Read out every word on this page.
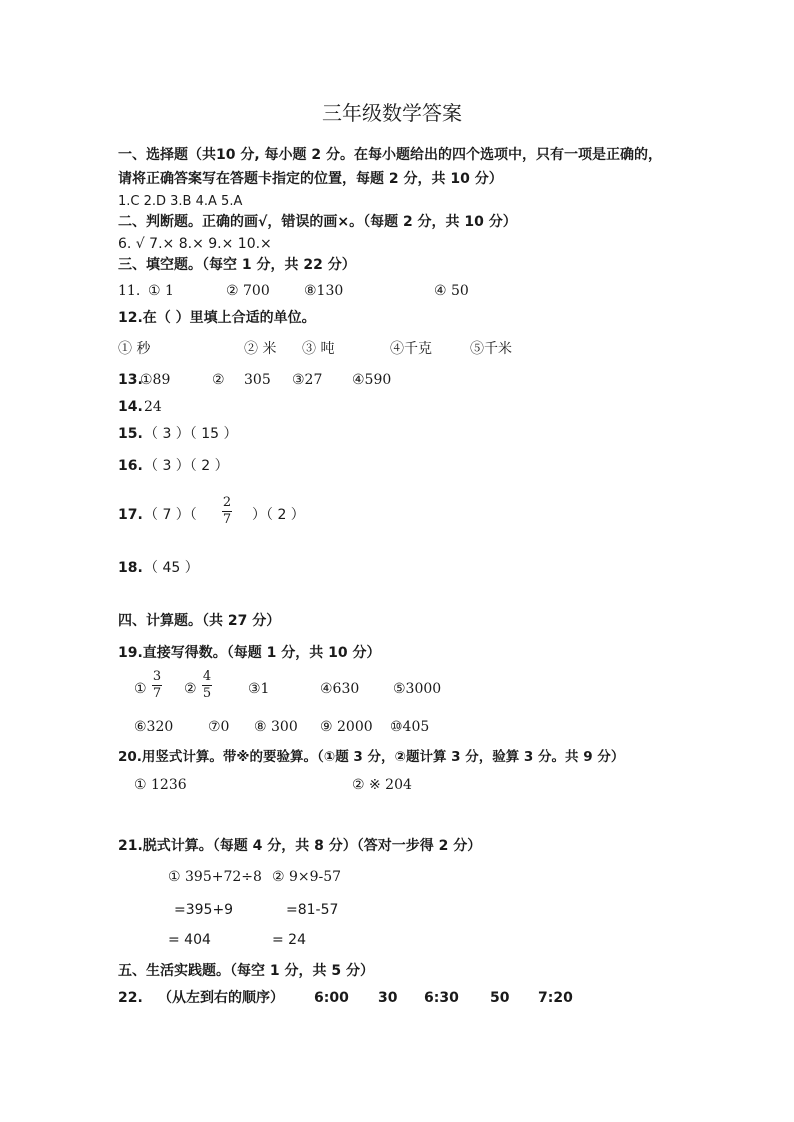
三年级数学答案
一、选择题（共10 分, 每小题 2 分。在每小题给出的四个选项中，只有一项是正确的，
请将正确答案写在答题卡指定的位置，每题 2 分，共 10 分）
1.C 2.D 3.B 4.A 5.A
二、判断题。正确的画√，错误的画×。（每题 2 分，共 10 分）
6. √ 7.× 8.× 9.× 10.×
三、填空题。（每空 1 分，共 22 分）
11. ① 1	② 700 ⑧130	④ 50
12.在（ ）里填上合适的单位。
① 秒	② 米 ③ 吨	④千克	⑤千米
13.
①89	② 305 ③27 ④590
14. 24
15. （ 3 ）（ 15 ）
16. （ 3 ）（ 2 ）
17. （ 7 ）（
2
7 ）（ 2 ）
18. （ 45 ）
四、计算题。（共 27 分）
19.直接写得数。（每题 1 分，共 10 分）
①
3
7 ②
4
5	③1	④630 ⑤3000
⑥320 ⑦0 ⑧ 300 ⑨ 2000 ⑩405
20.用竖式计算。带※的要验算。（①题 3 分，②题计算 3 分，验算 3 分。共 9 分）
① 1236	② ※ 204
21.脱式计算。（每题 4 分，共 8 分）（答对一步得 2 分）
① 395+72÷8 ② 9×9-57
=395+9	=81-57
= 404	= 24
五、生活实践题。（每空 1 分，共 5 分）
22. （从左到右的顺序） 6:00 30 6:30 50 7:20
